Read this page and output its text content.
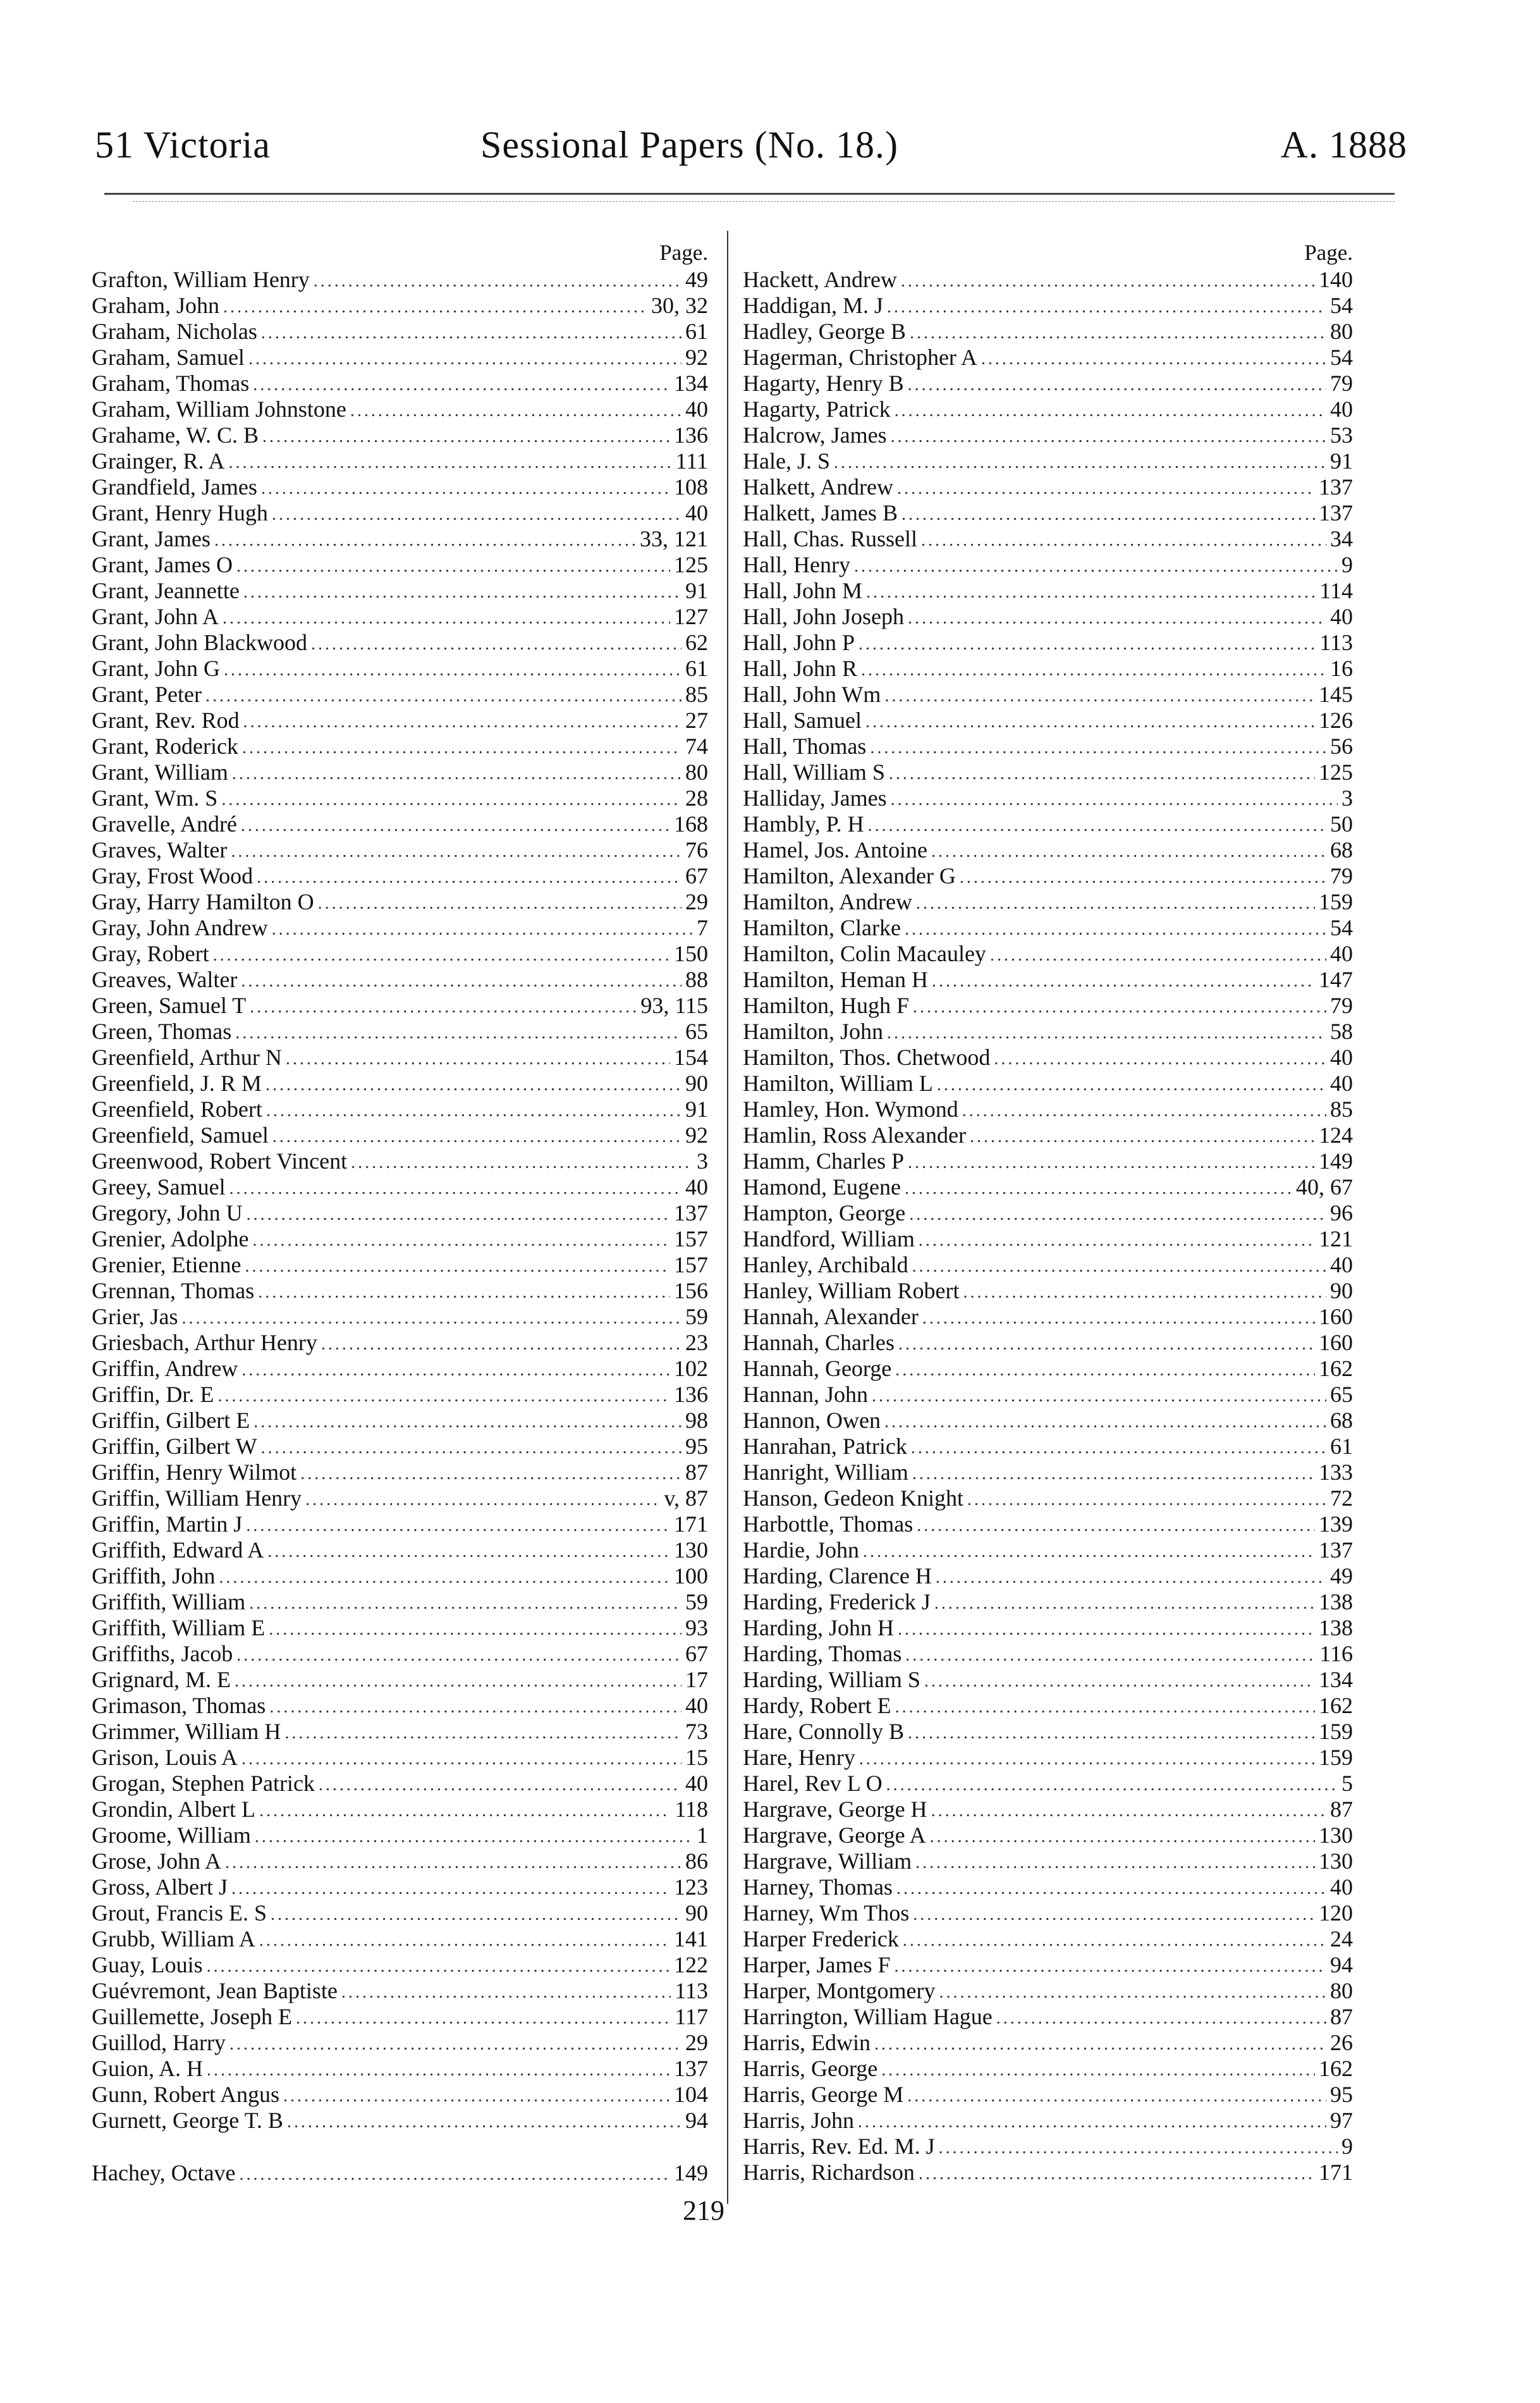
51 Victoria	Sessional Papers (No. 18.)	A. 1888
Page.
Grafton, William Henry .....	49
Graham, John .....	30, 32
Graham, Nicholas .....	61
Graham, Samuel .....	92
Graham, Thomas .....	134
Graham, William Johnstone .....	40
Grahame, W. C. B .....	136
Grainger, R. A .....	111
Grandfield, James .....	108
Grant, Henry Hugh .....	40
Grant, James .....	33, 121
Grant, James O .....	125
Grant, Jeannette .....	91
Grant, John A .....	127
Grant, John Blackwood .....	62
Grant, John G .....	61
Grant, Peter .....	85
Grant, Rev. Rod .....	27
Grant, Roderick .....	74
Grant, William .....	80
Grant, Wm. S .....	28
Gravelle, André .....	168
Graves, Walter .....	76
Gray, Frost Wood .....	67
Gray, Harry Hamilton O .....	29
Gray, John Andrew .....	7
Gray, Robert .....	150
Greaves, Walter .....	88
Green, Samuel T .....	93, 115
Green, Thomas .....	65
Greenfield, Arthur N .....	154
Greenfield, J. R M .....	90
Greenfield, Robert .....	91
Greenfield, Samuel .....	92
Greenwood, Robert Vincent .....	3
Greey, Samuel .....	40
Gregory, John U .....	137
Grenier, Adolphe .....	157
Grenier, Etienne .....	157
Grennan, Thomas .....	156
Grier, Jas .....	59
Griesbach, Arthur Henry .....	23
Griffin, Andrew .....	102
Griffin, Dr. E .....	136
Griffin, Gilbert E .....	98
Griffin, Gilbert W .....	95
Griffin, Henry Wilmot .....	87
Griffin, William Henry .....	v, 87
Griffin, Martin J .....	171
Griffith, Edward A .....	130
Griffith, John .....	100
Griffith, William .....	59
Griffith, William E .....	93
Griffiths, Jacob .....	67
Grignard, M. E .....	17
Grimason, Thomas .....	40
Grimmer, William H .....	73
Grison, Louis A .....	15
Grogan, Stephen Patrick .....	40
Grondin, Albert L .....	118
Groome, William .....	1
Grose, John A .....	86
Gross, Albert J .....	123
Grout, Francis E. S .....	90
Grubb, William A .....	141
Guay, Louis .....	122
Guévremont, Jean Baptiste .....	113
Guillemette, Joseph E .....	117
Guillod, Harry .....	29
Guion, A. H .....	137
Gunn, Robert Angus .....	104
Gurnett, George T. B .....	94
Hachey, Octave .....	149
Page.
Hackett, Andrew .....	140
Haddigan, M. J .....	54
Hadley, George B .....	80
Hagerman, Christopher A .....	54
Hagarty, Henry B .....	79
Hagarty, Patrick .....	40
Halcrow, James .....	53
Hale, J. S .....	91
Halkett, Andrew .....	137
Halkett, James B .....	137
Hall, Chas. Russell .....	34
Hall, Henry .....	9
Hall, John M .....	114
Hall, John Joseph .....	40
Hall, John P .....	113
Hall, John R .....	16
Hall, John Wm .....	145
Hall, Samuel .....	126
Hall, Thomas .....	56
Hall, William S .....	125
Halliday, James .....	3
Hambly, P. H .....	50
Hamel, Jos. Antoine .....	68
Hamilton, Alexander G .....	79
Hamilton, Andrew .....	159
Hamilton, Clarke .....	54
Hamilton, Colin Macauley .....	40
Hamilton, Heman H .....	147
Hamilton, Hugh F .....	79
Hamilton, John .....	58
Hamilton, Thos. Chetwood .....	40
Hamilton, William L .....	40
Hamley, Hon. Wymond .....	85
Hamlin, Ross Alexander .....	124
Hamm, Charles P .....	149
Hamond, Eugene .....	40, 67
Hampton, George .....	96
Handford, William .....	121
Hanley, Archibald .....	40
Hanley, William Robert .....	90
Hannah, Alexander .....	160
Hannah, Charles .....	160
Hannah, George .....	162
Hannan, John .....	65
Hannon, Owen .....	68
Hanrahan, Patrick .....	61
Hanright, William .....	133
Hanson, Gedeon Knight .....	72
Harbottle, Thomas .....	139
Hardie, John .....	137
Harding, Clarence H .....	49
Harding, Frederick J .....	138
Harding, John H .....	138
Harding, Thomas .....	116
Harding, William S .....	134
Hardy, Robert E .....	162
Hare, Connolly B .....	159
Hare, Henry .....	159
Harel, Rev L O .....	5
Hargrave, George H .....	87
Hargrave, George A .....	130
Hargrave, William .....	130
Harney, Thomas .....	40
Harney, Wm Thos .....	120
Harper Frederick .....	24
Harper, James F .....	94
Harper, Montgomery .....	80
Harrington, William Hague .....	87
Harris, Edwin .....	26
Harris, George .....	162
Harris, George M .....	95
Harris, John .....	97
Harris, Rev. Ed. M. J .....	9
Harris, Richardson .....	171
219
